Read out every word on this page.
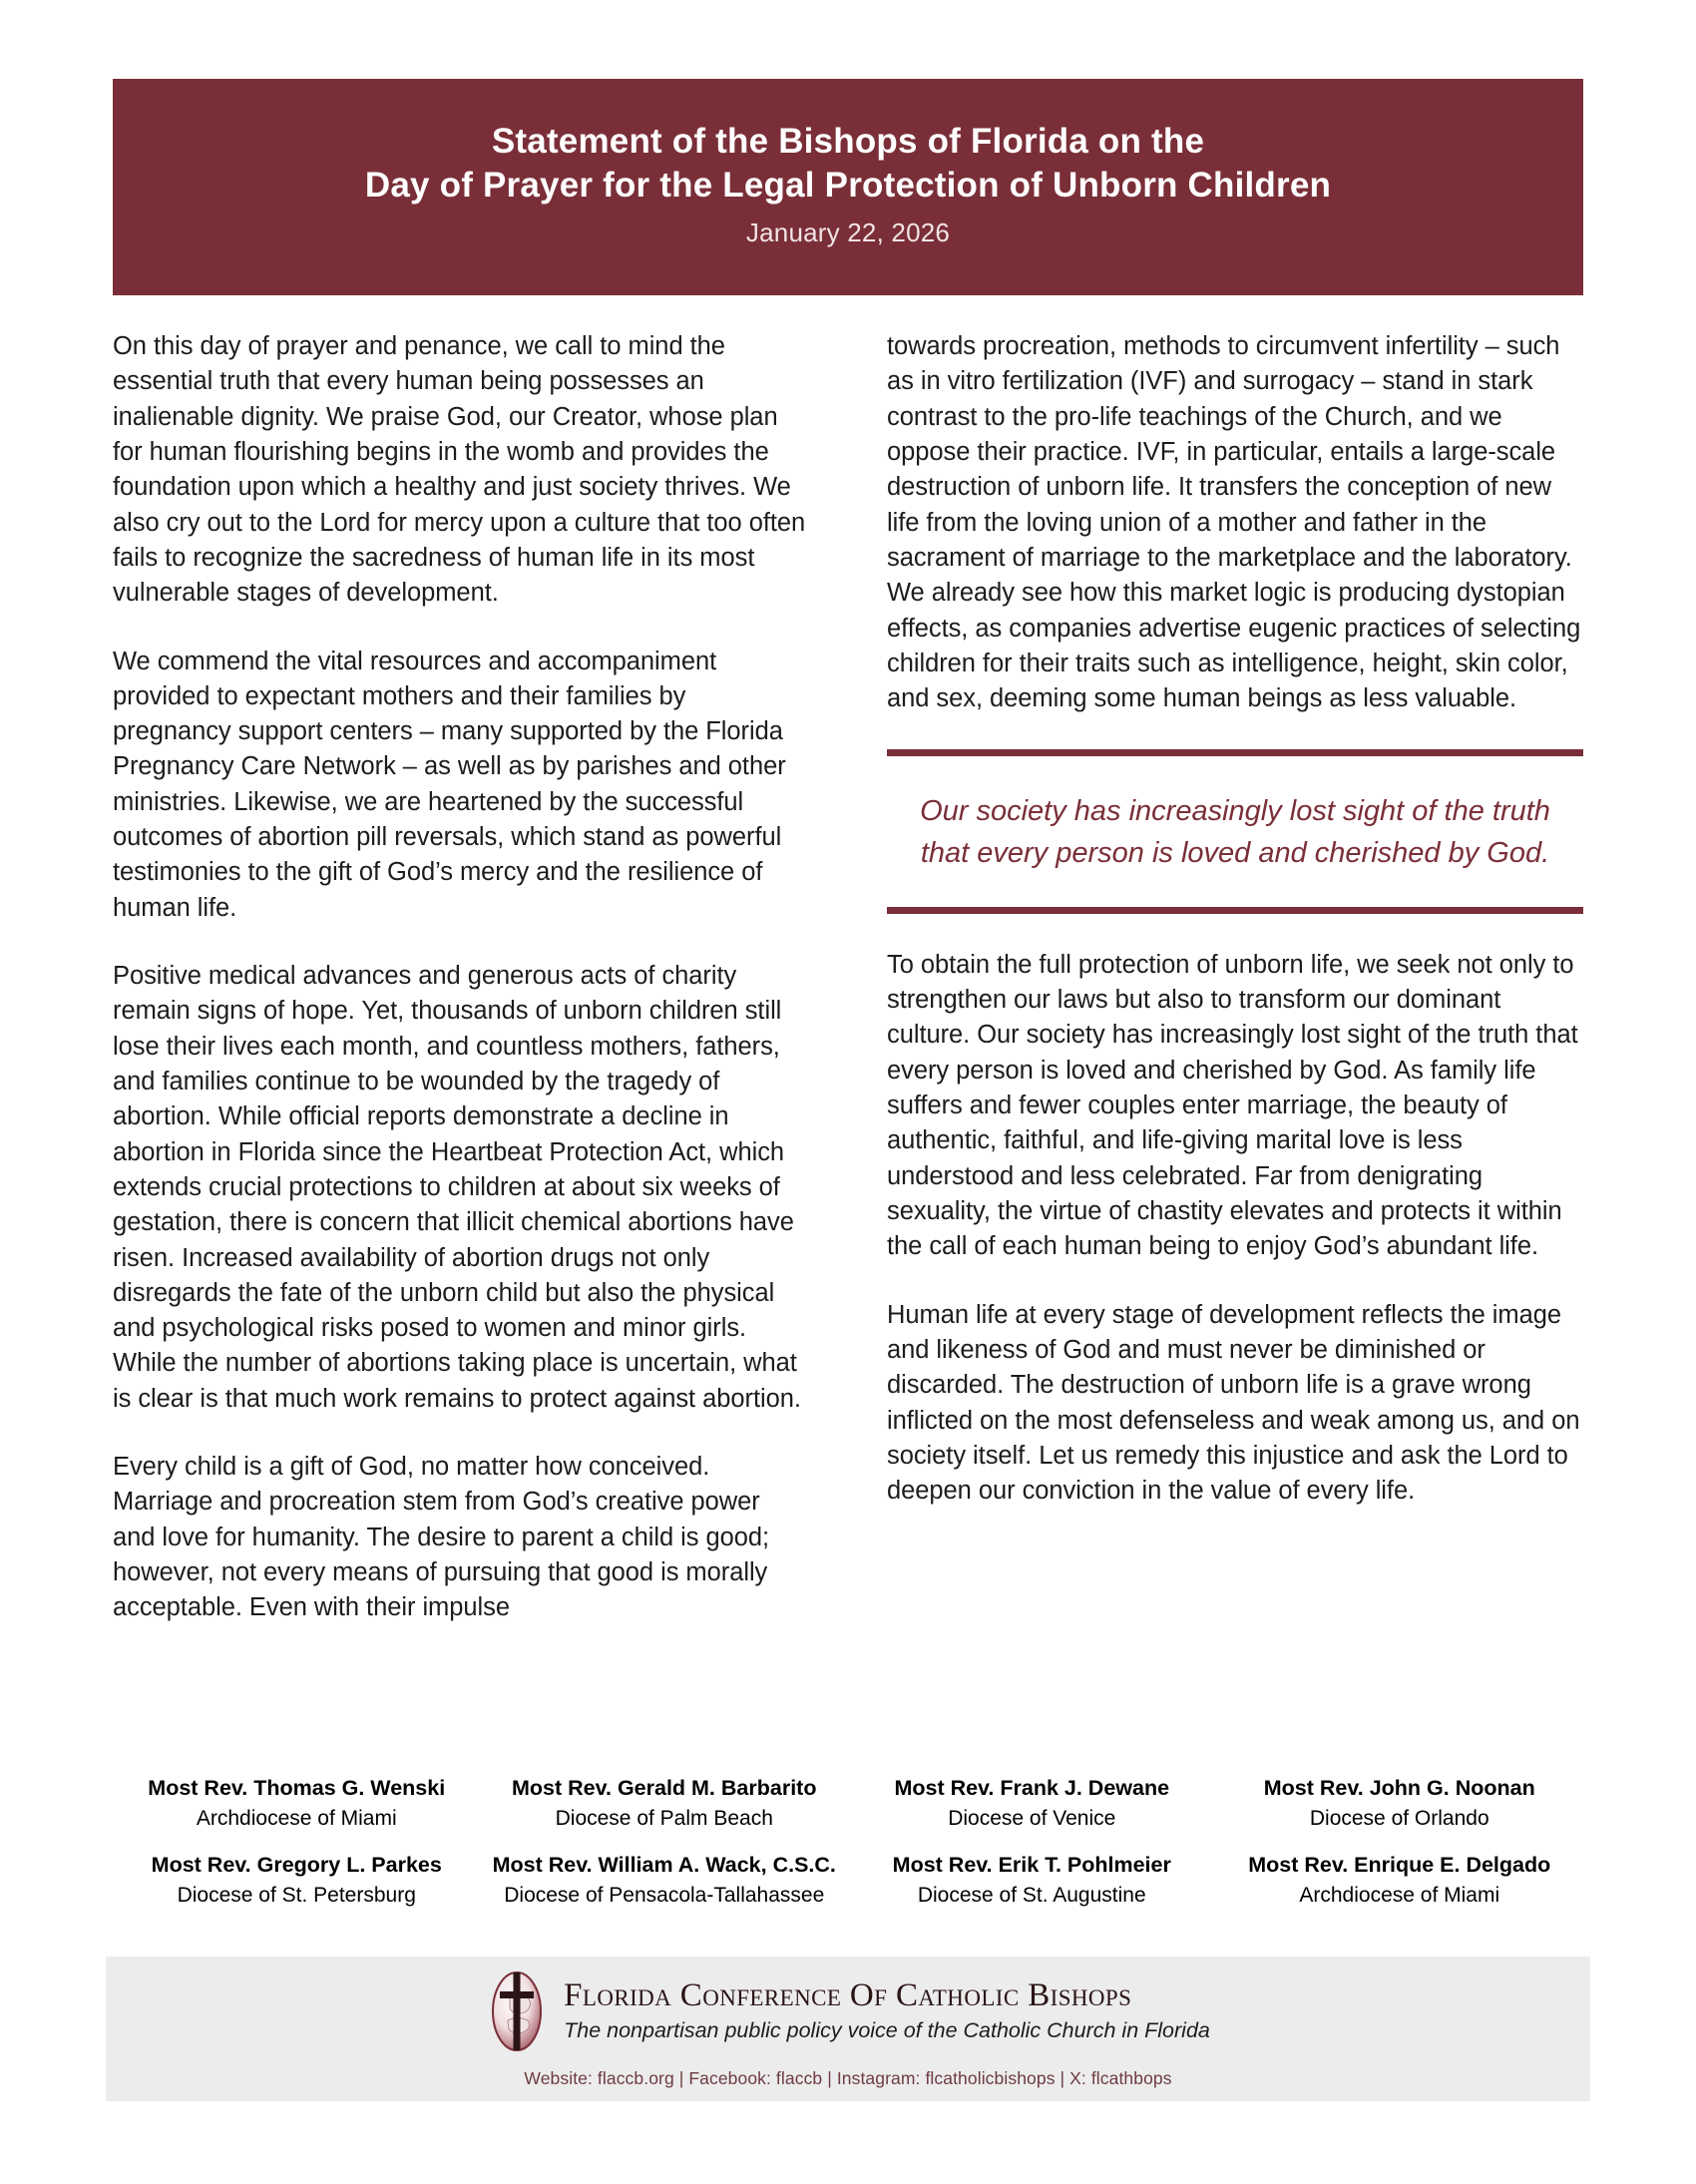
Statement of the Bishops of Florida on the
Day of Prayer for the Legal Protection of Unborn Children
January 22, 2026

On this day of prayer and penance, we call to mind the essential truth that every human being possesses an inalienable dignity. We praise God, our Creator, whose plan for human flourishing begins in the womb and provides the foundation upon which a healthy and just society thrives. We also cry out to the Lord for mercy upon a culture that too often fails to recognize the sacredness of human life in its most vulnerable stages of development.

We commend the vital resources and accompaniment provided to expectant mothers and their families by pregnancy support centers – many supported by the Florida Pregnancy Care Network – as well as by parishes and other ministries. Likewise, we are heartened by the successful outcomes of abortion pill reversals, which stand as powerful testimonies to the gift of God’s mercy and the resilience of human life.

Positive medical advances and generous acts of charity remain signs of hope. Yet, thousands of unborn children still lose their lives each month, and countless mothers, fathers, and families continue to be wounded by the tragedy of abortion. While official reports demonstrate a decline in abortion in Florida since the Heartbeat Protection Act, which extends crucial protections to children at about six weeks of gestation, there is concern that illicit chemical abortions have risen. Increased availability of abortion drugs not only disregards the fate of the unborn child but also the physical and psychological risks posed to women and minor girls. While the number of abortions taking place is uncertain, what is clear is that much work remains to protect against abortion.

Every child is a gift of God, no matter how conceived. Marriage and procreation stem from God’s creative power and love for humanity. The desire to parent a child is good; however, not every means of pursuing that good is morally acceptable. Even with their impulse

towards procreation, methods to circumvent infertility – such as in vitro fertilization (IVF) and surrogacy – stand in stark contrast to the pro-life teachings of the Church, and we oppose their practice. IVF, in particular, entails a large-scale destruction of unborn life. It transfers the conception of new life from the loving union of a mother and father in the sacrament of marriage to the marketplace and the laboratory. We already see how this market logic is producing dystopian effects, as companies advertise eugenic practices of selecting children for their traits such as intelligence, height, skin color, and sex, deeming some human beings as less valuable.

Our society has increasingly lost sight of the truth that every person is loved and cherished by God.

To obtain the full protection of unborn life, we seek not only to strengthen our laws but also to transform our dominant culture. Our society has increasingly lost sight of the truth that every person is loved and cherished by God. As family life suffers and fewer couples enter marriage, the beauty of authentic, faithful, and life-giving marital love is less understood and less celebrated. Far from denigrating sexuality, the virtue of chastity elevates and protects it within the call of each human being to enjoy God’s abundant life.

Human life at every stage of development reflects the image and likeness of God and must never be diminished or discarded. The destruction of unborn life is a grave wrong inflicted on the most defenseless and weak among us, and on society itself. Let us remedy this injustice and ask the Lord to deepen our conviction in the value of every life.

Most Rev. Thomas G. Wenski
Archdiocese of Miami
Most Rev. Gerald M. Barbarito
Diocese of Palm Beach
Most Rev. Frank J. Dewane
Diocese of Venice
Most Rev. John G. Noonan
Diocese of Orlando
Most Rev. Gregory L. Parkes
Diocese of St. Petersburg
Most Rev. William A. Wack, C.S.C.
Diocese of Pensacola-Tallahassee
Most Rev. Erik T. Pohlmeier
Diocese of St. Augustine
Most Rev. Enrique E. Delgado
Archdiocese of Miami
Florida Conference Of Catholic Bishops
The nonpartisan public policy voice of the Catholic Church in Florida
Website: flaccb.org | Facebook: flaccb | Instagram: flcatholicbishops | X: flcathbops
